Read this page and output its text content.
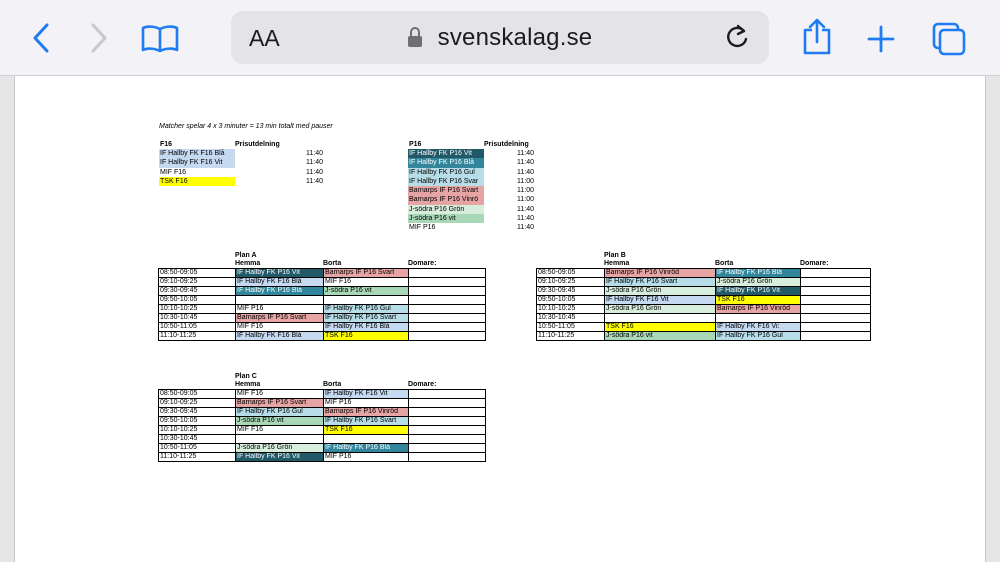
AA	svenskalag.se
Matcher spelar 4 x 3 minuter = 13 min totalt med pauser
F16	Prisutdelning
IF Hallby FK F16 Blå	11:40
IF Hallby FK F16 Vit	11:40
MIF F16	11:40
TSK F16	11:40
P16	Prisutdelning
IF Hallby FK P16 Vit	11:40
IF Hallby FK P16 Blå	11:40
IF Hallby FK P16 Gul	11:40
IF Hallby FK P16 Svar	11:00
Barnarps IF P16 Svart	11:00
Barnarps IF P16 Vinrö	11:00
J-södra P16 Grön	11:40
J-södra P16 vit	11:40
MIF P16	11:40
Plan A
Hemma	Borta	Domare:
08:50-09:05	IF Hallby FK P16 Vit	Barnarps IF P16 Svart	
09:10-09:25	IF Hallby FK F16 Blå	MIF F16	
09:30-09:45	IF Hallby FK P16 Blå	J-södra P16 vit	
09:50-10:05			
10:10-10:25	MIF P16	IF Hallby FK P16 Gul	
10:30-10:45	Barnarps IF P16 Svart	IF Hallby FK P16 Svart	
10:50-11:05	MIF F16	IF Hallby FK F16 Blå	
11:10-11:25	IF Hallby FK F16 Blå	TSK F16	
Plan B
Hemma	Borta	Domare:
08:50-09:05	Barnarps IF P16 Vinröd	IF Hallby FK P16 Blå	
09:10-09:25	IF Hallby FK P16 Svart	J-södra P16 Grön	
09:30-09:45	J-södra P16 Grön	IF Hallby FK P16 Vit	
09:50-10:05	IF Hallby FK F16 Vit	TSK F16	
10:10-10:25	J-södra P16 Grön	Barnarps IF P16 Vinröd	
10:30-10:45			
10:50-11:05	TSK F16	IF Hallby FK F16 Vi:	
11:10-11:25	J-södra P16 vit	IF Hallby FK P16 Gul	
Plan C
Hemma	Borta	Domare:
08:50-09:05	MIF F16	IF Hallby FK F16 Vit	
09:10-09:25	Barnarps IF P16 Svart	MIF P16	
09:30-09:45	IF Hallby FK P16 Gul	Barnarps IF P16 Vinröd	
09:50-10:05	J-södra P16 vit	IF Hallby FK P16 Svart	
10:10-10:25	MIF F16	TSK F16	
10:30-10:45			
10:50-11:05	J-södra P16 Grön	IF Hallby FK P16 Blå	
11:10-11:25	IF Hallby FK P16 Vit	MIF P16	
